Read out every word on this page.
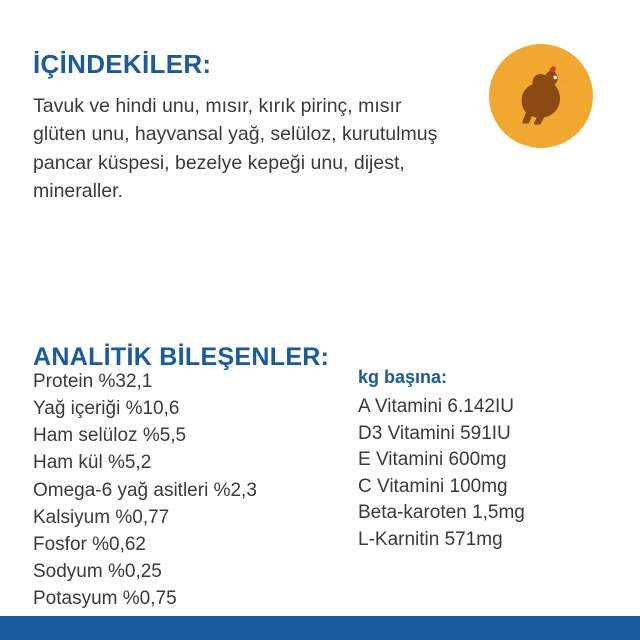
İÇİNDEKİLER:

Tavuk ve hindi unu, mısır, kırık pirinç, mısır glüten unu, hayvansal yağ, selüloz, kurutulmuş pancar küspesi, bezelye kepeği unu, dijest, mineraller.

ANALİTİK BİLEŞENLER:
Protein %32,1
Yağ içeriği %10,6
Ham selüloz %5,5
Ham kül %5,2
Omega-6 yağ asitleri %2,3
Kalsiyum %0,77
Fosfor %0,62
Sodyum %0,25
Potasyum %0,75

kg başına:

A Vitamini 6.142IU
D3 Vitamini 591IU
E Vitamini 600mg
C Vitamini 100mg
Beta-karoten 1,5mg
L-Karnitin 571mg
